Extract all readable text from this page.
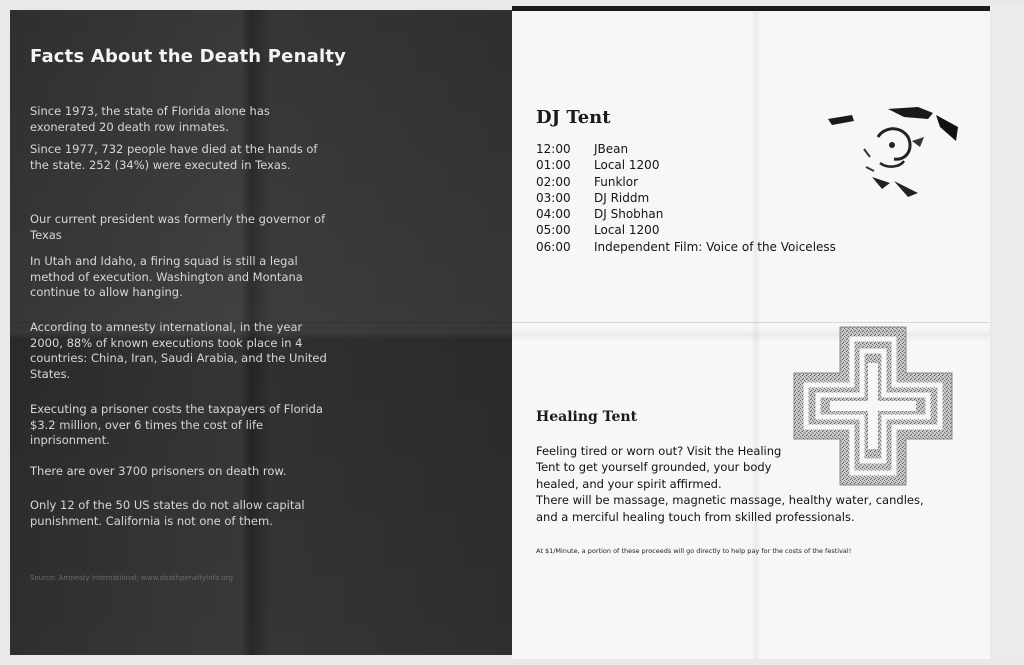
Facts About the Death Penalty

Since 1973, the state of Florida alone has exonerated 20 death row inmates.

Since 1977, 732 people have died at the hands of the state. 252 (34%) were executed in Texas.

Our current president was formerly the governor of Texas

In Utah and Idaho, a firing squad is still a legal method of execution. Washington and Montana continue to allow hanging.

According to amnesty international, in the year 2000, 88% of known executions took place in 4 countries: China, Iran, Saudi Arabia, and the United States.

Executing a prisoner costs the taxpayers of Florida $3.2 million, over 6 times the cost of life inprisonment.

There are over 3700 prisoners on death row.

Only 12 of the 50 US states do not allow capital punishment. California is not one of them.

Source: Amnesty International; www.deathpenaltyinfo.org

DJ Tent
12:00	JBean
01:00	Local 1200
02:00	Funklor
03:00	DJ Riddm
04:00	DJ Shobhan
05:00	Local 1200
06:00	Independent Film: Voice of the Voiceless
Healing Tent
Feeling tired or worn out? Visit the Healing Tent to get yourself grounded, your body healed, and your spirit affirmed.
There will be massage, magnetic massage, healthy water, candles, and a merciful healing touch from skilled professionals.

At $1/Minute, a portion of these proceeds will go directly to help pay for the costs of the festival!
